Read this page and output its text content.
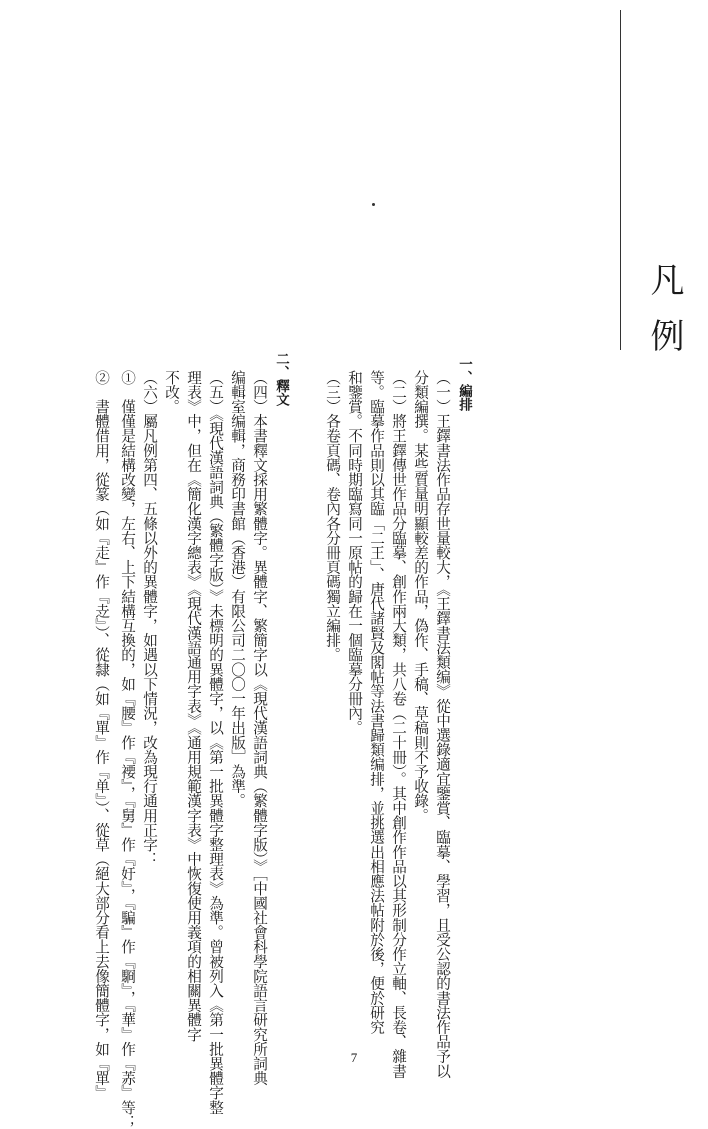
凡例
一、編排
（一）王鐸書法作品存世量較大，《王鐸書法類编》從中選錄適宜鑒賞、臨摹、學習，且受公認的書法作品予以
分類編撰。某些質量明顯較差的作品，偽作、手稿、草稿則不予收錄。
（二）將王鐸傳世作品分臨摹、創作兩大類，共八卷（二十冊）。其中創作作品以其形制分作立軸、長卷、雜書
等。臨摹作品則以其臨「二王」、唐代諸賢及閣帖等法書歸類编排，並挑選出相應法帖附於後，便於研究
和鑒賞。不同時期臨寫同一原帖的歸在一個臨摹分冊內。
（三）各卷頁碼、卷內各分冊頁碼獨立編排。
二、釋文
（四）本書釋文採用繁體字。異體字、繁簡字以《現代漢語詞典（繁體字版）》［中國社會科學院語言研究所詞典
编輯室编輯，商務印書館（香港）有限公司二〇〇一年出版］為準。
（五）《現代漢語詞典（繁體字版）》未標明的異體字，以《第一批異體字整理表》為準。曾被列入《第一批異體字整
理表》中，但在《簡化漢字總表》《現代漢語通用字表》《通用規範漢字表》中恢復使用義項的相關異體字
不改。
（六）屬凡例第四、五條以外的異體字，如遇以下情況，改為現行通用正字：
①　僅僅是結構改變，左右、上下結構互換的，如『腰』作『䙅』，『舅』作『㚥』，『騙』作『䮐』，『華』作『䓇』等；
②　書體借用，從篆（如『走』作『赱』）、從隸（如『單』作『单』）、從草（絕大部分看上去像簡體字，如『單』	7
